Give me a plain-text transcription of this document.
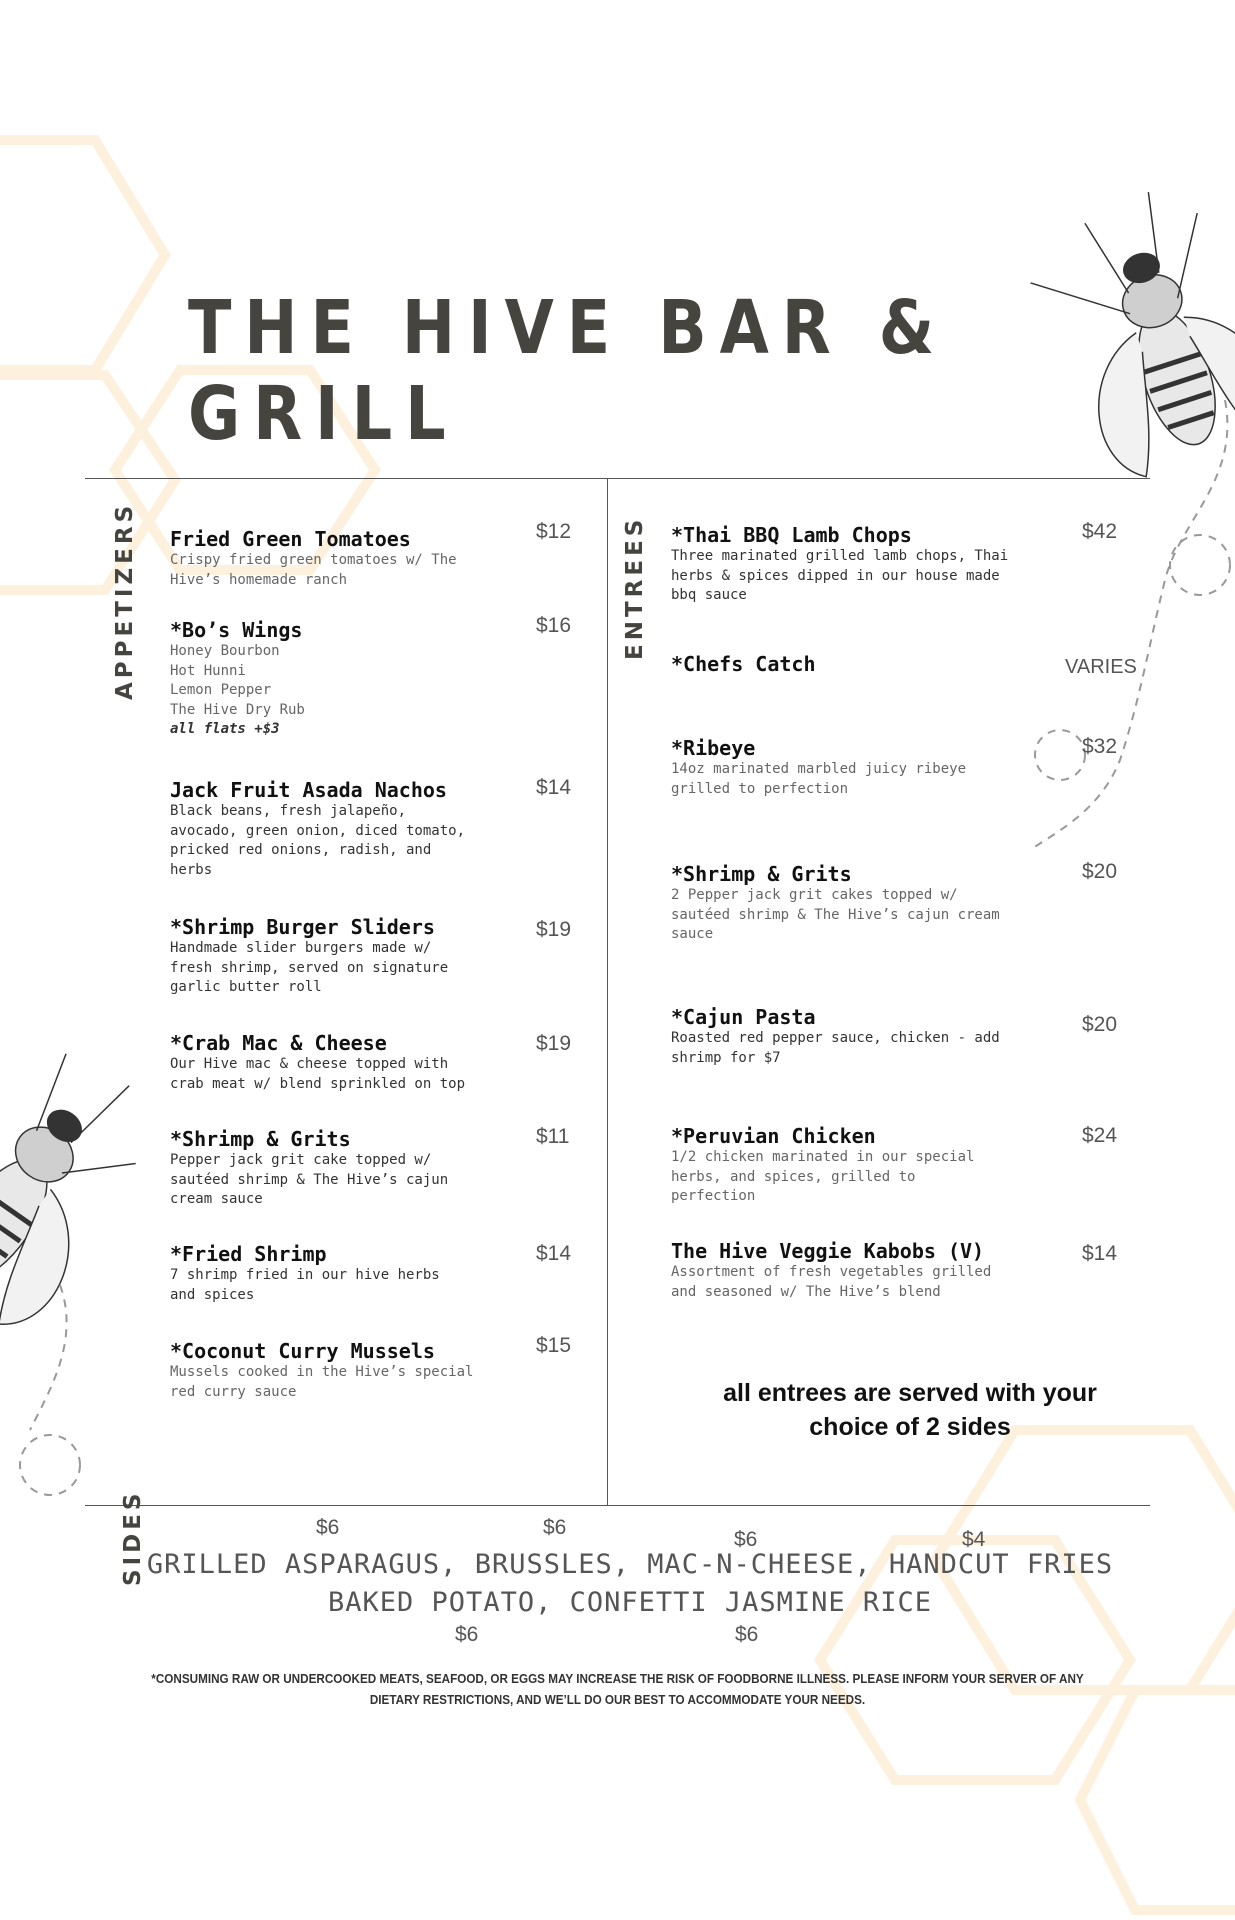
THE HIVE BAR & GRILL
APPETIZERS	ENTREES
SIDES
Fried Green Tomatoes
Crispy fried green tomatoes w/ The
Hive’s homemade ranch
$12
*Bo’s Wings
Honey Bourbon
Hot Hunni
Lemon Pepper
The Hive Dry Rub
all flats +$3
$16
Jack Fruit Asada Nachos
Black beans, fresh jalapeño,
avocado, green onion, diced tomato,
pricked red onions, radish, and
herbs
$14
*Shrimp Burger Sliders
Handmade slider burgers made w/
fresh shrimp, served on signature
garlic butter roll
$19
*Crab Mac & Cheese
Our Hive mac & cheese topped with
crab meat w/ blend sprinkled on top
$19
*Shrimp & Grits
Pepper jack grit cake topped w/
sautéed shrimp & The Hive’s cajun
cream sauce
$11
*Fried Shrimp
7 shrimp fried in our hive herbs
and spices
$14
*Coconut Curry Mussels
Mussels cooked in the Hive’s special
red curry sauce
$15
*Thai BBQ Lamb Chops
Three marinated grilled lamb chops, Thai
herbs & spices dipped in our house made
bbq sauce
$42
*Chefs Catch	VARIES
*Ribeye
14oz marinated marbled juicy ribeye
grilled to perfection
$32
*Shrimp & Grits
2 Pepper jack grit cakes topped w/
sautéed shrimp & The Hive’s cajun cream
sauce
$20
*Cajun Pasta
Roasted red pepper sauce, chicken - add
shrimp for $7
$20
*Peruvian Chicken
1/2 chicken marinated in our special
herbs, and spices, grilled to
perfection
$24
The Hive Veggie Kabobs (V)
Assortment of fresh vegetables grilled
and seasoned w/ The Hive’s blend
$14
all entrees are served with your choice of 2 sides
$6	$6
$6	$4
GRILLED ASPARAGUS, BRUSSLES, MAC-N-CHEESE, HANDCUT FRIES
BAKED POTATO, CONFETTI JASMINE RICE
$6	$6
*CONSUMING RAW OR UNDERCOOKED MEATS, SEAFOOD, OR EGGS MAY INCREASE THE RISK OF FOODBORNE ILLNESS. PLEASE INFORM YOUR SERVER OF ANY DIETARY RESTRICTIONS, AND WE’LL DO OUR BEST TO ACCOMMODATE YOUR NEEDS.
